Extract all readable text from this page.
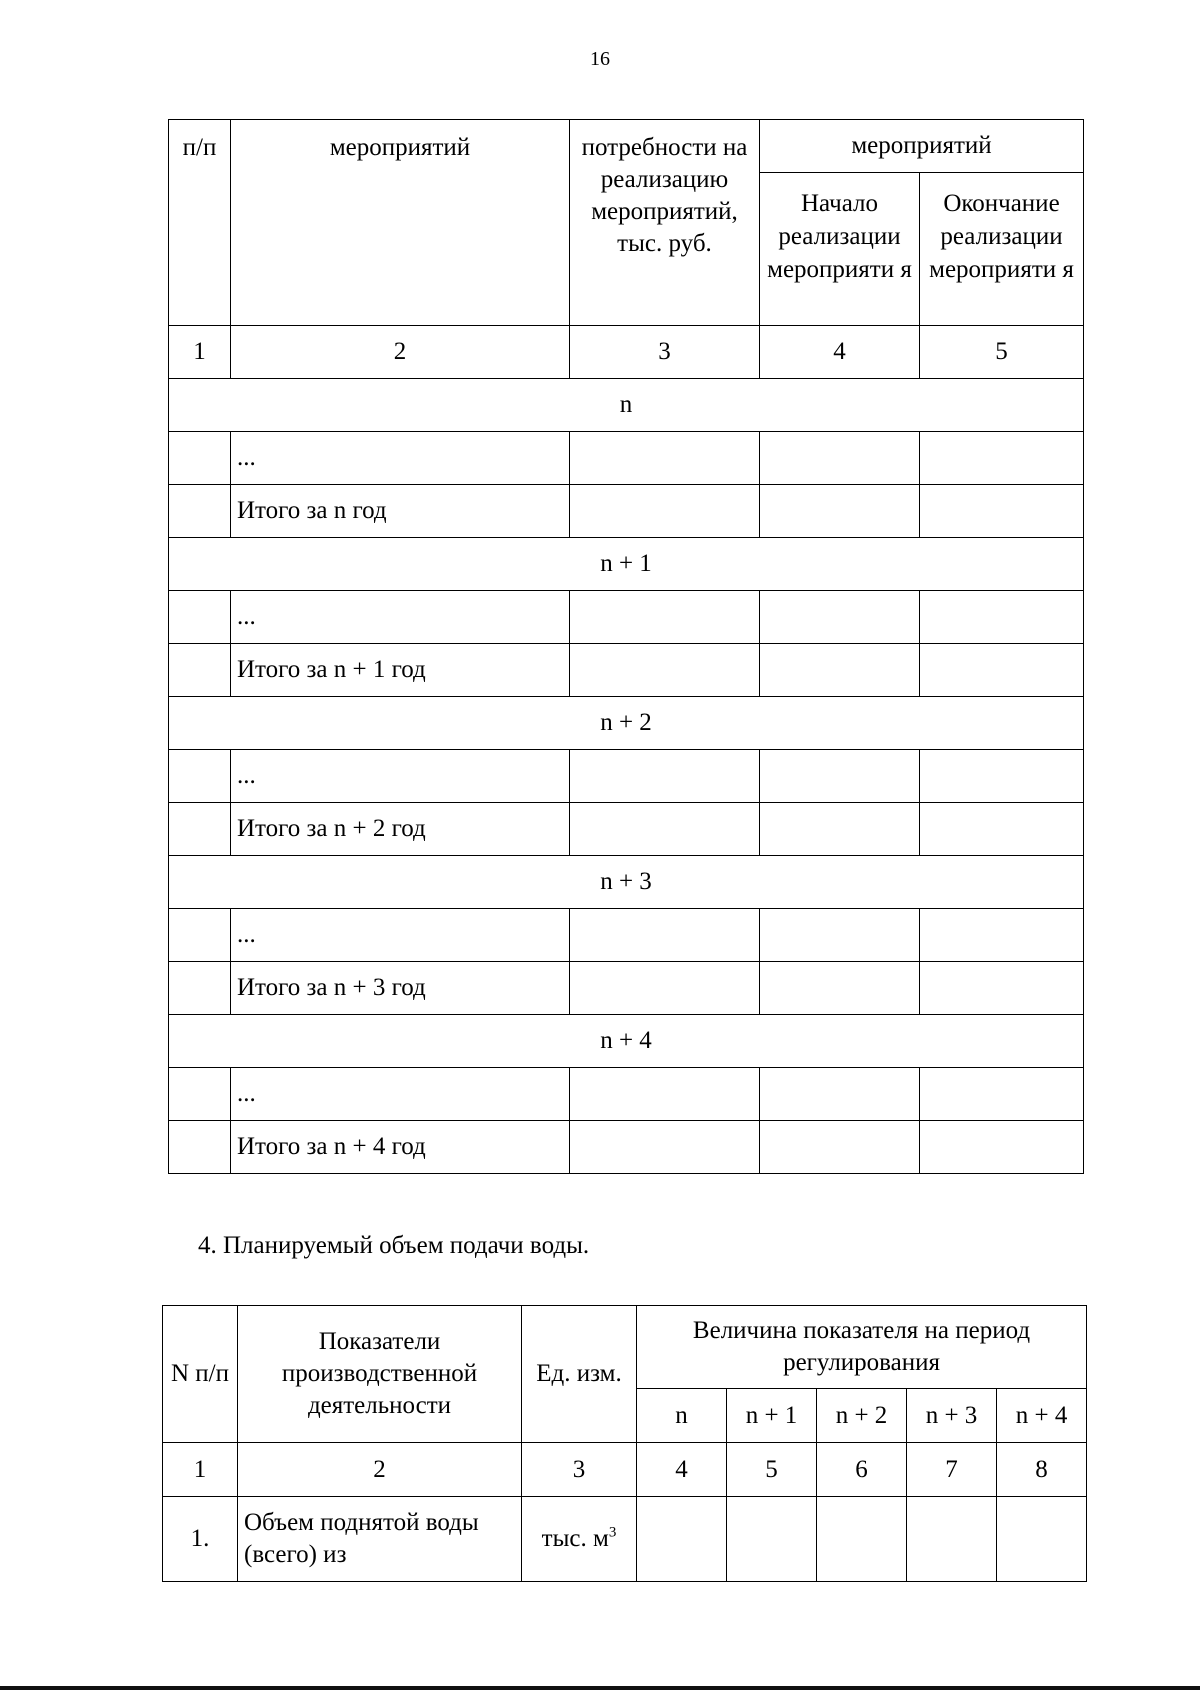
16
п/п	мероприятий	потребности на реализацию мероприятий, тыс. руб.	мероприятий	
			Начало реализации мероприяти я	Окончание реализации мероприяти я
1	2	3	4	5
n				
	...			
	Итого за n год			
n + 1				
	...			
	Итого за n + 1 год			
n + 2				
	...			
	Итого за n + 2 год			
n + 3				
	...			
	Итого за n + 3 год			
n + 4				
	...			
	Итого за n + 4 год			
4. Планируемый объем подачи воды.
N п/п	Показатели производственной деятельности	Ед. изм.	Величина показателя на период регулирования				
			n	n + 1	n + 2	n + 3	n + 4
1	2	3	4	5	6	7	8
1.	Объем поднятой воды (всего) из	тыс. $м^3$					
